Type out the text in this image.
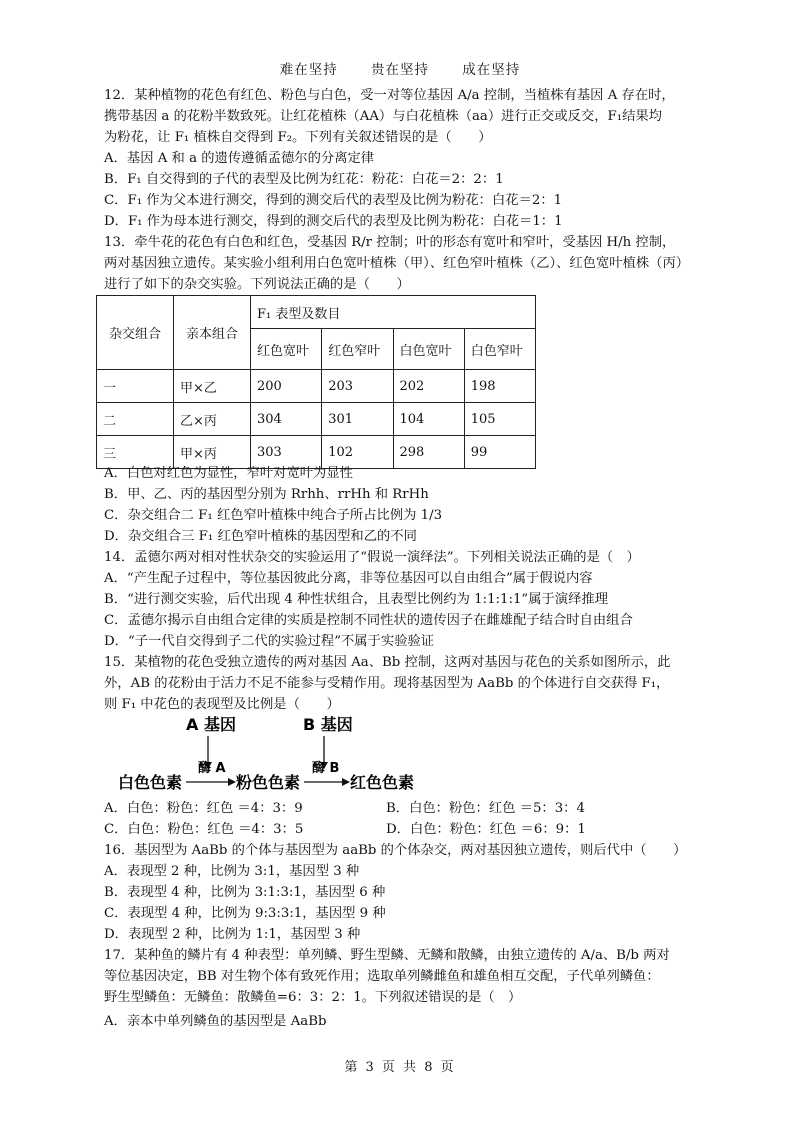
难在坚持 贵在坚持 成在坚持
12．某种植物的花色有红色、粉色与白色，受一对等位基因 A/a 控制，当植株有基因 A 存在时，
携带基因 a 的花粉半数致死。让红花植株（AA）与白花植株（aa）进行正交或反交，F₁结果均
为粉花，让 F₁ 植株自交得到 F₂。下列有关叙述错误的是（　　）
A．基因 A 和 a 的遗传遵循孟德尔的分离定律
B．F₁ 自交得到的子代的表型及比例为红花：粉花：白花＝2：2：1
C．F₁ 作为父本进行测交，得到的测交后代的表型及比例为粉花：白花＝2：1
D．F₁ 作为母本进行测交，得到的测交后代的表型及比例为粉花：白花＝1：1
13．牵牛花的花色有白色和红色，受基因 R/r 控制；叶的形态有宽叶和窄叶，受基因 H/h 控制，
两对基因独立遗传。某实验小组利用白色宽叶植株（甲）、红色窄叶植株（乙）、红色宽叶植株（丙）
进行了如下的杂交实验。下列说法正确的是（　　）
杂交组合	亲本组合	F₁ 表型及数目			
		红色宽叶	红色窄叶	白色宽叶	白色窄叶
一	甲×乙	200	203	202	198
二	乙×丙	304	301	104	105
三	甲×丙	303	102	298	99
A．白色对红色为显性，窄叶对宽叶为显性
B．甲、乙、丙的基因型分别为 Rrhh、rrHh 和 RrHh
C．杂交组合二 F₁ 红色窄叶植株中纯合子所占比例为 1/3
D．杂交组合三 F₁ 红色窄叶植株的基因型和乙的不同
14．孟德尔两对相对性状杂交的实验运用了“假说一演绎法”。下列相关说法正确的是（　）
A．“产生配子过程中，等位基因彼此分离，非等位基因可以自由组合”属于假说内容
B．“进行测交实验，后代出现 4 种性状组合，且表型比例约为 1:1:1:1”属于演绎推理
C．孟德尔揭示自由组合定律的实质是控制不同性状的遗传因子在雌雄配子结合时自由组合
D．“子一代自交得到子二代的实验过程”不属于实验验证
15．某植物的花色受独立遗传的两对基因 Aa、Bb 控制，这两对基因与花色的关系如图所示，此
外，AB 的花粉由于活力不足不能参与受精作用。现将基因型为 AaBb 的个体进行自交获得 F₁，
则 F₁ 中花色的表现型及比例是（　　）
A 基因	B 基因
酶 A	酶 B
白色色素	粉色色素	红色色素
A．白色：粉色：红色 ＝4：3：9	B．白色：粉色：红色 ＝5：3：4
C．白色：粉色：红色 ＝4：3：5	D．白色：粉色：红色 ＝6：9：1
16．基因型为 AaBb 的个体与基因型为 aaBb 的个体杂交，两对基因独立遗传，则后代中（　　）
A．表现型 2 种，比例为 3:1，基因型 3 种
B．表现型 4 种，比例为 3:1:3:1，基因型 6 种
C．表现型 4 种，比例为 9:3:3:1，基因型 9 种
D．表现型 2 种，比例为 1:1，基因型 3 种
17．某种鱼的鳞片有 4 种表型：单列鳞、野生型鳞、无鳞和散鳞，由独立遗传的 A/a、B/b 两对
等位基因决定，BB 对生物个体有致死作用；选取单列鳞雌鱼和雄鱼相互交配，子代单列鳞鱼：
野生型鳞鱼：无鳞鱼：散鳞鱼=6：3：2：1。下列叙述错误的是（　）
A．亲本中单列鳞鱼的基因型是 AaBb
第 3 页 共 8 页
